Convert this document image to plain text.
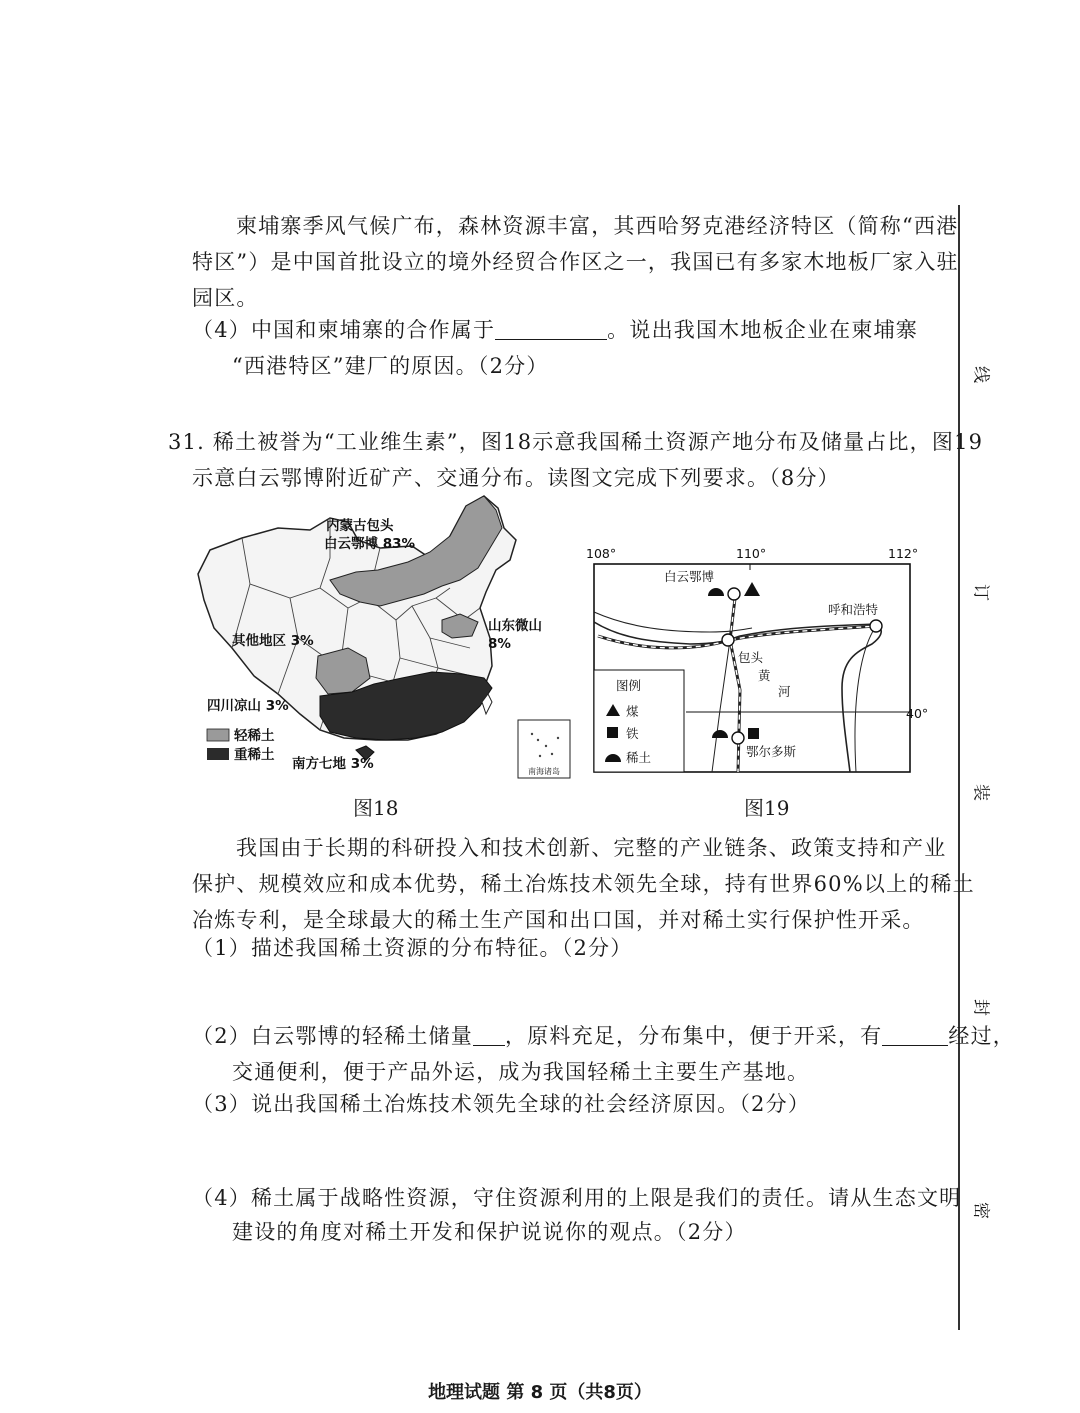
线
订
装
封
密
柬埔寨季风气候广布，森林资源丰富，其西哈努克港经济特区（简称“西港
特区”）是中国首批设立的境外经贸合作区之一，我国已有多家木地板厂家入驻
园区。
（4）中国和柬埔寨的合作属于	。说出我国木地板企业在柬埔寨
“西港特区”建厂的原因。（2分）
31. 稀土被誉为“工业维生素”，图18示意我国稀土资源产地分布及储量占比，图19
示意白云鄂博附近矿产、交通分布。读图文完成下列要求。（8分）
南海诸岛
内蒙古包头
白云鄂博 83%
山东微山
8%
其他地区 3%
四川凉山 3%
南方七地 3%
轻稀土
重稀土
108°	110°	112°
40°
白云鄂博
呼和浩特
包头
鄂尔多斯
黄
河
图例
煤
铁
稀土
图18	图19
我国由于长期的科研投入和技术创新、完整的产业链条、政策支持和产业
保护、规模效应和成本优势，稀土冶炼技术领先全球，持有世界60%以上的稀土
冶炼专利，是全球最大的稀土生产国和出口国，并对稀土实行保护性开采。
（1）描述我国稀土资源的分布特征。（2分）
（2）白云鄂博的轻稀土储量 ，原料充足，分布集中，便于开采，有	经过，
交通便利，便于产品外运，成为我国轻稀土主要生产基地。
（3）说出我国稀土冶炼技术领先全球的社会经济原因。（2分）
（4）稀土属于战略性资源，守住资源利用的上限是我们的责任。请从生态文明
建设的角度对稀土开发和保护说说你的观点。（2分）
地理试题 第 8 页（共8页）
